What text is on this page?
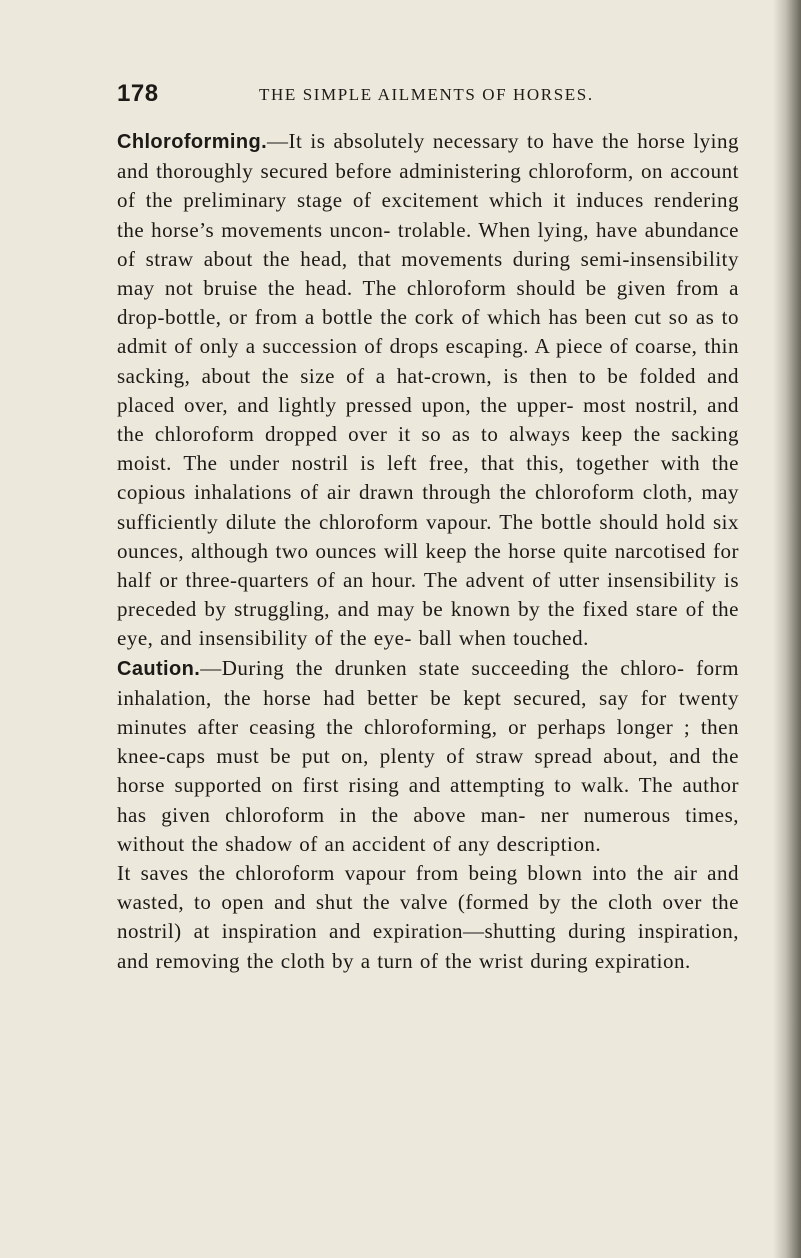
178	THE SIMPLE AILMENTS OF HORSES.

Chloroforming.—It is absolutely necessary to have the horse lying and thoroughly secured before administering chloroform, on account of the preliminary stage of excitement which it induces rendering the horse’s movements uncon- trolable. When lying, have abundance of straw about the head, that movements during semi-insensibility may not bruise the head. The chloroform should be given from a drop-bottle, or from a bottle the cork of which has been cut so as to admit of only a succession of drops escaping. A piece of coarse, thin sacking, about the size of a hat-crown, is then to be folded and placed over, and lightly pressed upon, the upper- most nostril, and the chloroform dropped over it so as to always keep the sacking moist. The under nostril is left free, that this, together with the copious inhalations of air drawn through the chloroform cloth, may sufficiently dilute the chloroform vapour. The bottle should hold six ounces, although two ounces will keep the horse quite narcotised for half or three-quarters of an hour. The advent of utter insensibility is preceded by struggling, and may be known by the fixed stare of the eye, and insensibility of the eye- ball when touched.

Caution.—During the drunken state succeeding the chloro- form inhalation, the horse had better be kept secured, say for twenty minutes after ceasing the chloroforming, or perhaps longer ; then knee-caps must be put on, plenty of straw spread about, and the horse supported on first rising and attempting to walk. The author has given chloroform in the above man- ner numerous times, without the shadow of an accident of any description.

It saves the chloroform vapour from being blown into the air and wasted, to open and shut the valve (formed by the cloth over the nostril) at inspiration and expiration—shutting during inspiration, and removing the cloth by a turn of the wrist during expiration.
